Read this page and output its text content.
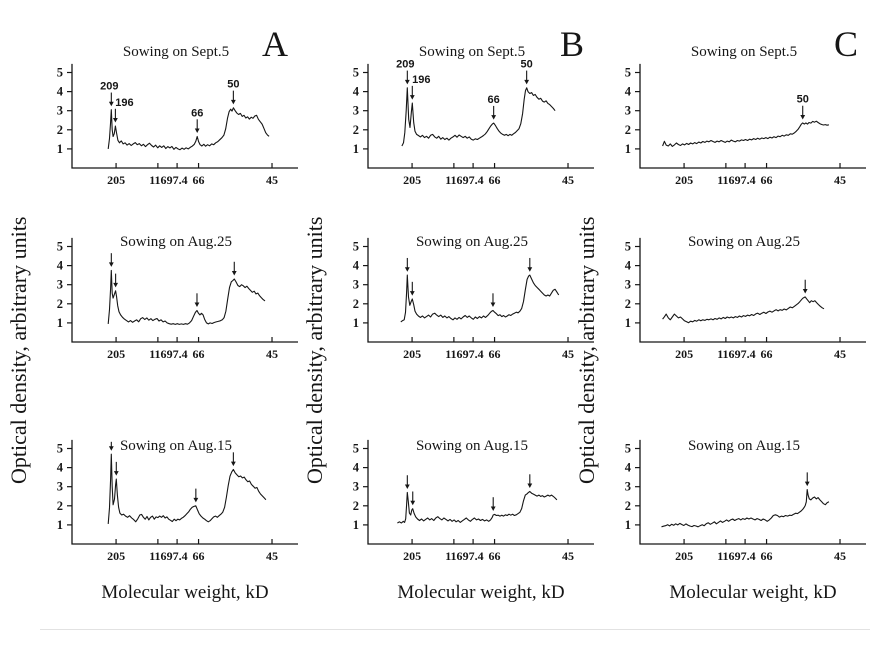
Optical density, arbitrary units
A
Sowing on Sept.5
1
2
3
4
5
205 116 97.4 66	45
209
196
66
50
Sowing on Aug.25
1
2
3
4
5
205 116 97.4 66	45
Sowing on Aug.15
1
2
3
4
5
205 116 97.4 66	45
Molecular weight, kD
Optical density, arbitrary units
B
Sowing on Sept.5
1
2
3
4
5
205 116 97.4 66	45
209
196
66
50
Sowing on Aug.25
1
2
3
4
5
205 116 97.4 66	45
Sowing on Aug.15
1
2
3
4
5
205 116 97.4 66	45
Molecular weight, kD
Optical density, arbitrary units
C
Sowing on Sept.5
1
2
3
4
5
205 116 97.4 66	45
50
Sowing on Aug.25
1
2
3
4
5
205 116 97.4 66	45
Sowing on Aug.15
1
2
3
4
5
205 116 97.4 66	45
Molecular weight, kD
